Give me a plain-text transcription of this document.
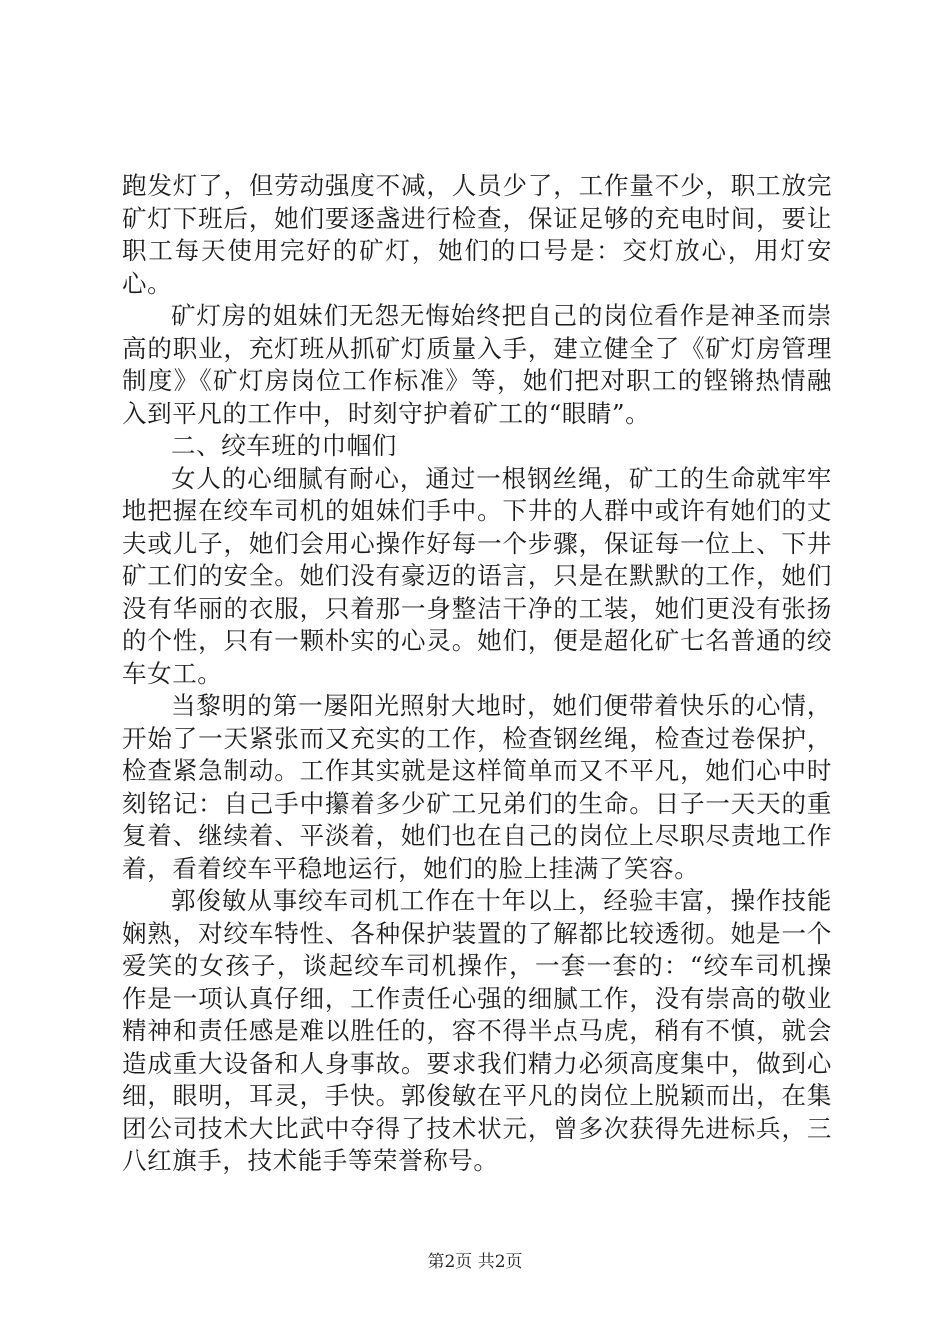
跑发灯了，但劳动强度不减，人员少了，工作量不少，职工放完矿灯下班后，她们要逐盏进行检查，保证足够的充电时间，要让职工每天使用完好的矿灯，她们的口号是：交灯放心，用灯安心。

矿灯房的姐妹们无怨无悔始终把自己的岗位看作是神圣而崇高的职业，充灯班从抓矿灯质量入手，建立健全了《矿灯房管理制度》《矿灯房岗位工作标准》等，她们把对职工的铿锵热情融入到平凡的工作中，时刻守护着矿工的“眼睛”。

二、绞车班的巾帼们

女人的心细腻有耐心，通过一根钢丝绳，矿工的生命就牢牢地把握在绞车司机的姐妹们手中。下井的人群中或许有她们的丈夫或儿子，她们会用心操作好每一个步骤，保证每一位上、下井矿工们的安全。她们没有豪迈的语言，只是在默默的工作，她们没有华丽的衣服，只着那一身整洁干净的工装，她们更没有张扬的个性，只有一颗朴实的心灵。她们，便是超化矿七名普通的绞车女工。

当黎明的第一屡阳光照射大地时，她们便带着快乐的心情，开始了一天紧张而又充实的工作，检查钢丝绳，检查过卷保护，检查紧急制动。工作其实就是这样简单而又不平凡，她们心中时刻铭记：自己手中攥着多少矿工兄弟们的生命。日子一天天的重复着、继续着、平淡着，她们也在自己的岗位上尽职尽责地工作着，看着绞车平稳地运行，她们的脸上挂满了笑容。

郭俊敏从事绞车司机工作在十年以上，经验丰富，操作技能娴熟，对绞车特性、各种保护装置的了解都比较透彻。她是一个爱笑的女孩子，谈起绞车司机操作，一套一套的：“绞车司机操作是一项认真仔细，工作责任心强的细腻工作，没有崇高的敬业精神和责任感是难以胜任的，容不得半点马虎，稍有不慎，就会造成重大设备和人身事故。要求我们精力必须高度集中，做到心细，眼明，耳灵，手快。郭俊敏在平凡的岗位上脱颖而出，在集团公司技术大比武中夺得了技术状元，曾多次获得先进标兵，三八红旗手，技术能手等荣誉称号。

第2页 共2页
